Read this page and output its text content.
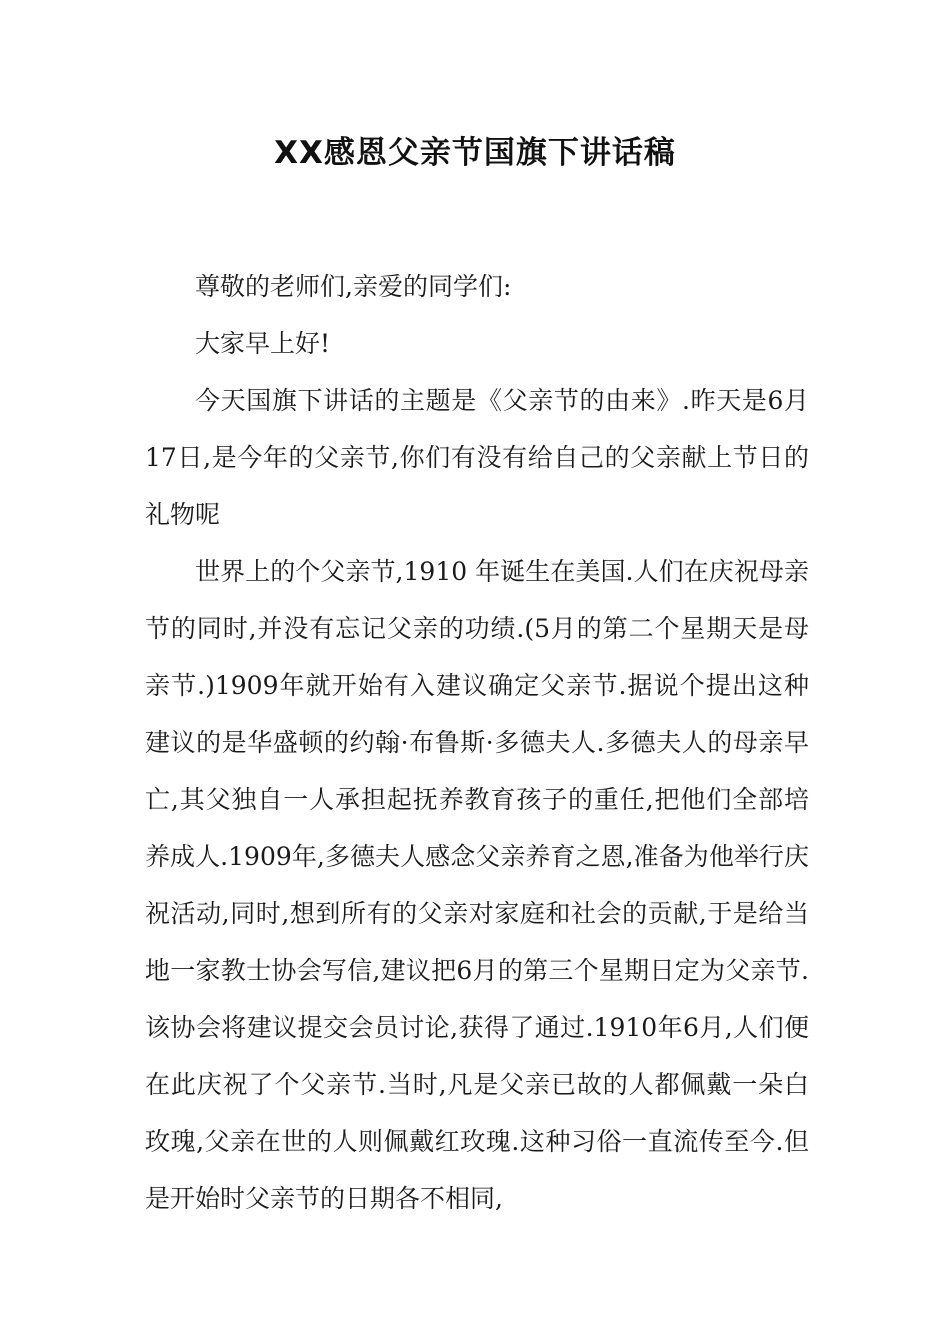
XX感恩父亲节国旗下讲话稿

尊敬的老师们,亲爱的同学们:

大家早上好!

今天国旗下讲话的主题是《父亲节的由来》.昨天是6月17日,是今年的父亲节,你们有没有给自己的父亲献上节日的礼物呢

世界上的个父亲节,1910 年诞生在美国.人们在庆祝母亲节的同时,并没有忘记父亲的功绩.(5月的第二个星期天是母亲节.)1909年就开始有入建议确定父亲节.据说个提出这种建议的是华盛顿的约翰·布鲁斯·多德夫人.多德夫人的母亲早亡,其父独自一人承担起抚养教育孩子的重任,把他们全部培养成人.1909年,多德夫人感念父亲养育之恩,准备为他举行庆祝活动,同时,想到所有的父亲对家庭和社会的贡献,于是给当地一家教士协会写信,建议把6月的第三个星期日定为父亲节.该协会将建议提交会员讨论,获得了通过.1910年6月,人们便在此庆祝了个父亲节.当时,凡是父亲已故的人都佩戴一朵白玫瑰,父亲在世的人则佩戴红玫瑰.这种习俗一直流传至今.但是开始时父亲节的日期各不相同,
